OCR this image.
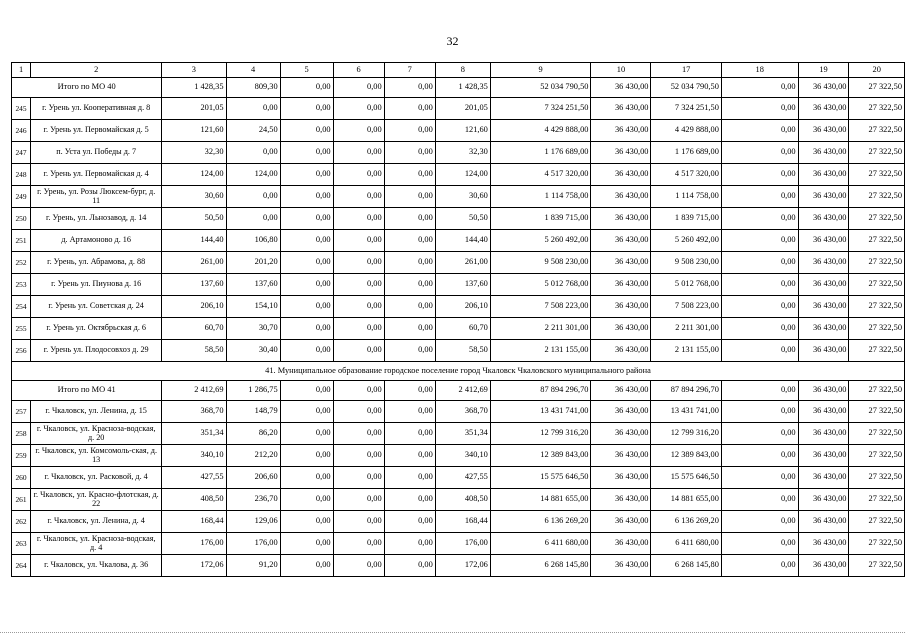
32
1	2	3	4	5	6	7	8	9	10	17	18	19	20
Итого по МО 40		1 428,35	809,30	0,00	0,00	0,00	1 428,35	52 034 790,50	36 430,00	52 034 790,50	0,00	36 430,00	27 322,50
245	г. Урень ул. Кооперативная д. 8	201,05	0,00	0,00	0,00	0,00	201,05	7 324 251,50	36 430,00	7 324 251,50	0,00	36 430,00	27 322,50
246	г. Урень ул. Первомайская д. 5	121,60	24,50	0,00	0,00	0,00	121,60	4 429 888,00	36 430,00	4 429 888,00	0,00	36 430,00	27 322,50
247	п. Уста ул. Победы д. 7	32,30	0,00	0,00	0,00	0,00	32,30	1 176 689,00	36 430,00	1 176 689,00	0,00	36 430,00	27 322,50
248	г. Урень ул. Первомайская д. 4	124,00	124,00	0,00	0,00	0,00	124,00	4 517 320,00	36 430,00	4 517 320,00	0,00	36 430,00	27 322,50
249	г. Урень, ул. Розы Люксем-бург, д. 11	30,60	0,00	0,00	0,00	0,00	30,60	1 114 758,00	36 430,00	1 114 758,00	0,00	36 430,00	27 322,50
250	г. Урень, ул. Льнозавод, д. 14	50,50	0,00	0,00	0,00	0,00	50,50	1 839 715,00	36 430,00	1 839 715,00	0,00	36 430,00	27 322,50
251	д. Артамоново д. 16	144,40	106,80	0,00	0,00	0,00	144,40	5 260 492,00	36 430,00	5 260 492,00	0,00	36 430,00	27 322,50
252	г. Урень, ул. Абрамова, д. 88	261,00	201,20	0,00	0,00	0,00	261,00	9 508 230,00	36 430,00	9 508 230,00	0,00	36 430,00	27 322,50
253	г. Урень ул. Пиунова д. 16	137,60	137,60	0,00	0,00	0,00	137,60	5 012 768,00	36 430,00	5 012 768,00	0,00	36 430,00	27 322,50
254	г. Урень ул. Советская д. 24	206,10	154,10	0,00	0,00	0,00	206,10	7 508 223,00	36 430,00	7 508 223,00	0,00	36 430,00	27 322,50
255	г. Урень ул. Октябрьская д. 6	60,70	30,70	0,00	0,00	0,00	60,70	2 211 301,00	36 430,00	2 211 301,00	0,00	36 430,00	27 322,50
256	г. Урень ул. Плодосовхоз д. 29	58,50	30,40	0,00	0,00	0,00	58,50	2 131 155,00	36 430,00	2 131 155,00	0,00	36 430,00	27 322,50
41. Муниципальное образование городское поселение город Чкаловск Чкаловского муниципального района													
Итого по МО 41		2 412,69	1 286,75	0,00	0,00	0,00	2 412,69	87 894 296,70	36 430,00	87 894 296,70	0,00	36 430,00	27 322,50
257	г. Чкаловск, ул. Ленина, д. 15	368,70	148,79	0,00	0,00	0,00	368,70	13 431 741,00	36 430,00	13 431 741,00	0,00	36 430,00	27 322,50
258	г. Чкаловск, ул. Красноза-водская, д. 20	351,34	86,20	0,00	0,00	0,00	351,34	12 799 316,20	36 430,00	12 799 316,20	0,00	36 430,00	27 322,50
259	г. Чкаловск, ул. Комсомоль-ская, д. 13	340,10	212,20	0,00	0,00	0,00	340,10	12 389 843,00	36 430,00	12 389 843,00	0,00	36 430,00	27 322,50
260	г. Чкаловск, ул. Расковой, д. 4	427,55	206,60	0,00	0,00	0,00	427,55	15 575 646,50	36 430,00	15 575 646,50	0,00	36 430,00	27 322,50
261	г. Чкаловск, ул. Красно-флотская, д. 22	408,50	236,70	0,00	0,00	0,00	408,50	14 881 655,00	36 430,00	14 881 655,00	0,00	36 430,00	27 322,50
262	г. Чкаловск, ул. Ленина, д. 4	168,44	129,06	0,00	0,00	0,00	168,44	6 136 269,20	36 430,00	6 136 269,20	0,00	36 430,00	27 322,50
263	г. Чкаловск, ул. Красноза-водская, д. 4	176,00	176,00	0,00	0,00	0,00	176,00	6 411 680,00	36 430,00	6 411 680,00	0,00	36 430,00	27 322,50
264	г. Чкаловск, ул. Чкалова, д. 36	172,06	91,20	0,00	0,00	0,00	172,06	6 268 145,80	36 430,00	6 268 145,80	0,00	36 430,00	27 322,50
